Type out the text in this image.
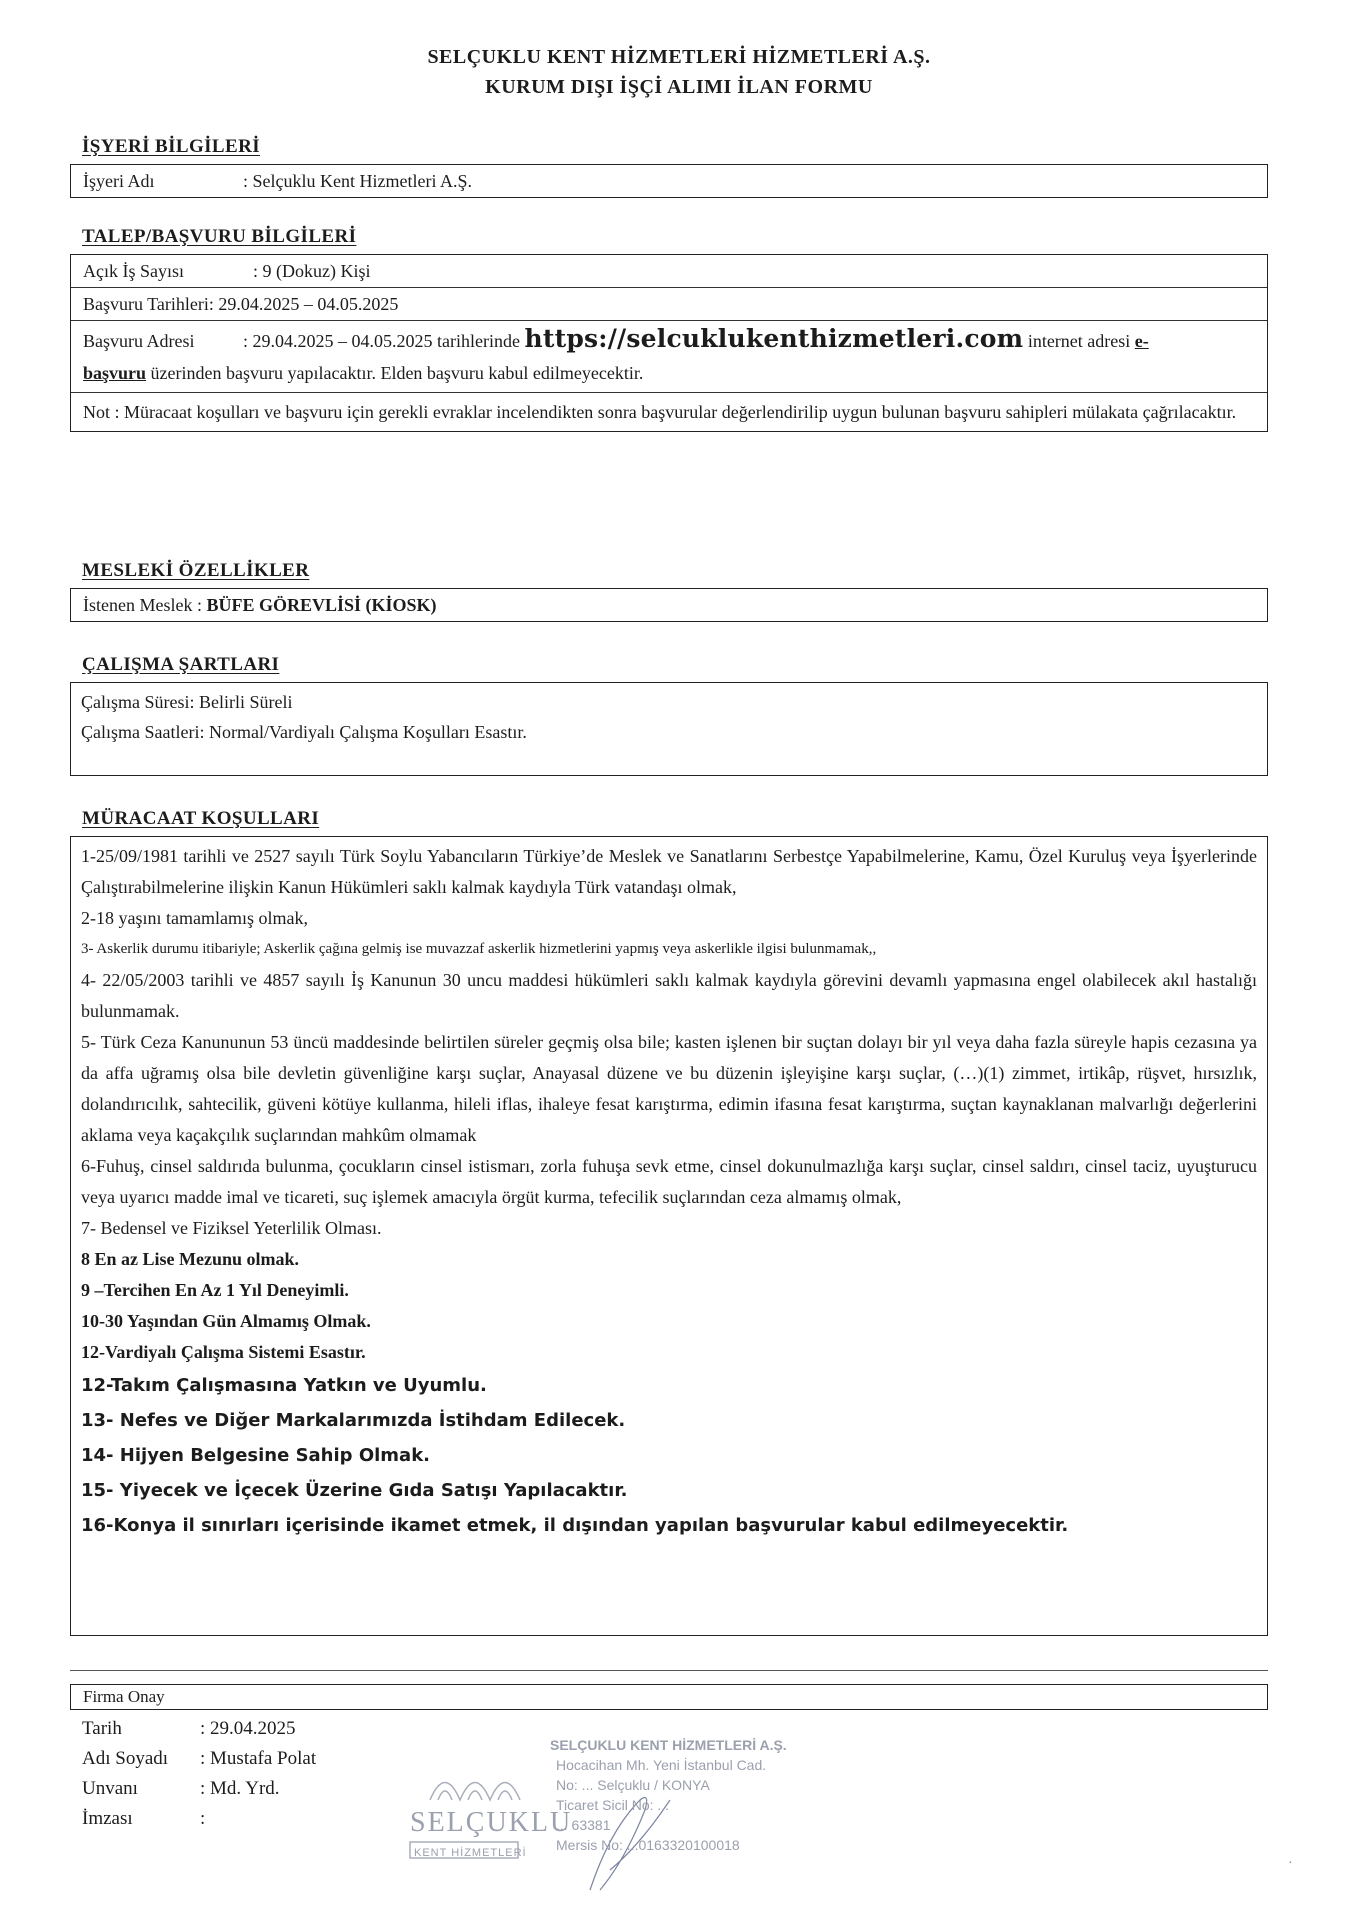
SELÇUKLU KENT HİZMETLERİ HİZMETLERİ A.Ş.
KURUM DIŞI İŞÇİ ALIMI İLAN FORMU
İŞYERİ BİLGİLERİ
İşyeri Adı	: Selçuklu Kent Hizmetleri A.Ş.
TALEP/BAŞVURU BİLGİLERİ
Açık İş Sayısı	: 9 (Dokuz) Kişi
Başvuru Tarihleri: 29.04.2025 – 04.05.2025
Başvuru Adresi	: 29.04.2025 – 04.05.2025 tarihlerinde https://selcuklukenthizmetleri.com internet adresi e-
başvuru üzerinden başvuru yapılacaktır. Elden başvuru kabul edilmeyecektir.
Not : Müracaat koşulları ve başvuru için gerekli evraklar incelendikten sonra başvurular değerlendirilip uygun bulunan başvuru sahipleri mülakata çağrılacaktır.
MESLEKİ ÖZELLİKLER
İstenen Meslek : BÜFE GÖREVLİSİ (KİOSK)
ÇALIŞMA ŞARTLARI
Çalışma Süresi: Belirli Süreli
Çalışma Saatleri: Normal/Vardiyalı Çalışma Koşulları Esastır.
MÜRACAAT KOŞULLARI

1-25/09/1981 tarihli ve 2527 sayılı Türk Soylu Yabancıların Türkiye’de Meslek ve Sanatlarını Serbestçe Yapabilmelerine, Kamu, Özel Kuruluş veya İşyerlerinde Çalıştırabilmelerine ilişkin Kanun Hükümleri saklı kalmak kaydıyla Türk vatandaşı olmak,

2-18 yaşını tamamlamış olmak,

3- Askerlik durumu itibariyle; Askerlik çağına gelmiş ise muvazzaf askerlik hizmetlerini yapmış veya askerlikle ilgisi bulunmamak,,

4- 22/05/2003 tarihli ve 4857 sayılı İş Kanunun 30 uncu maddesi hükümleri saklı kalmak kaydıyla görevini devamlı yapmasına engel olabilecek akıl hastalığı bulunmamak.

5- Türk Ceza Kanununun 53 üncü maddesinde belirtilen süreler geçmiş olsa bile; kasten işlenen bir suçtan dolayı bir yıl veya daha fazla süreyle hapis cezasına ya da affa uğramış olsa bile devletin güvenliğine karşı suçlar, Anayasal düzene ve bu düzenin işleyişine karşı suçlar, (…)(1) zimmet, irtikâp, rüşvet, hırsızlık, dolandırıcılık, sahtecilik, güveni kötüye kullanma, hileli iflas, ihaleye fesat karıştırma, edimin ifasına fesat karıştırma, suçtan kaynaklanan malvarlığı değerlerini aklama veya kaçakçılık suçlarından mahkûm olmamak

6-Fuhuş, cinsel saldırıda bulunma, çocukların cinsel istismarı, zorla fuhuşa sevk etme, cinsel dokunulmazlığa karşı suçlar, cinsel saldırı, cinsel taciz, uyuşturucu veya uyarıcı madde imal ve ticareti, suç işlemek amacıyla örgüt kurma, tefecilik suçlarından ceza almamış olmak,

7- Bedensel ve Fiziksel Yeterlilik Olması.

8 En az Lise Mezunu olmak.

9 –Tercihen En Az 1 Yıl Deneyimli.

10-30 Yaşından Gün Almamış Olmak.

12-Vardiyalı Çalışma Sistemi Esastır.

12-Takım Çalışmasına Yatkın ve Uyumlu.

13- Nefes ve Diğer Markalarımızda İstihdam Edilecek.

14- Hijyen Belgesine Sahip Olmak.

15- Yiyecek ve İçecek Üzerine Gıda Satışı Yapılacaktır.

16-Konya il sınırları içerisinde ikamet etmek, il dışından yapılan başvurular kabul edilmeyecektir.

Firma Onay
Tarih	: 29.04.2025
Adı Soyadı	: Mustafa Polat
Unvanı	: Md. Yrd.
İmzası	:	SELÇUKLU
KENT HİZMETLERİ
SELÇUKLU KENT HİZMETLERİ A.Ş.
Hocacihan Mh. Yeni İstanbul Cad.
No: ... Selçuklu / KONYA
Ticaret Sicil No: ...
... 63381
Mersis No: ...0163320100018
·
